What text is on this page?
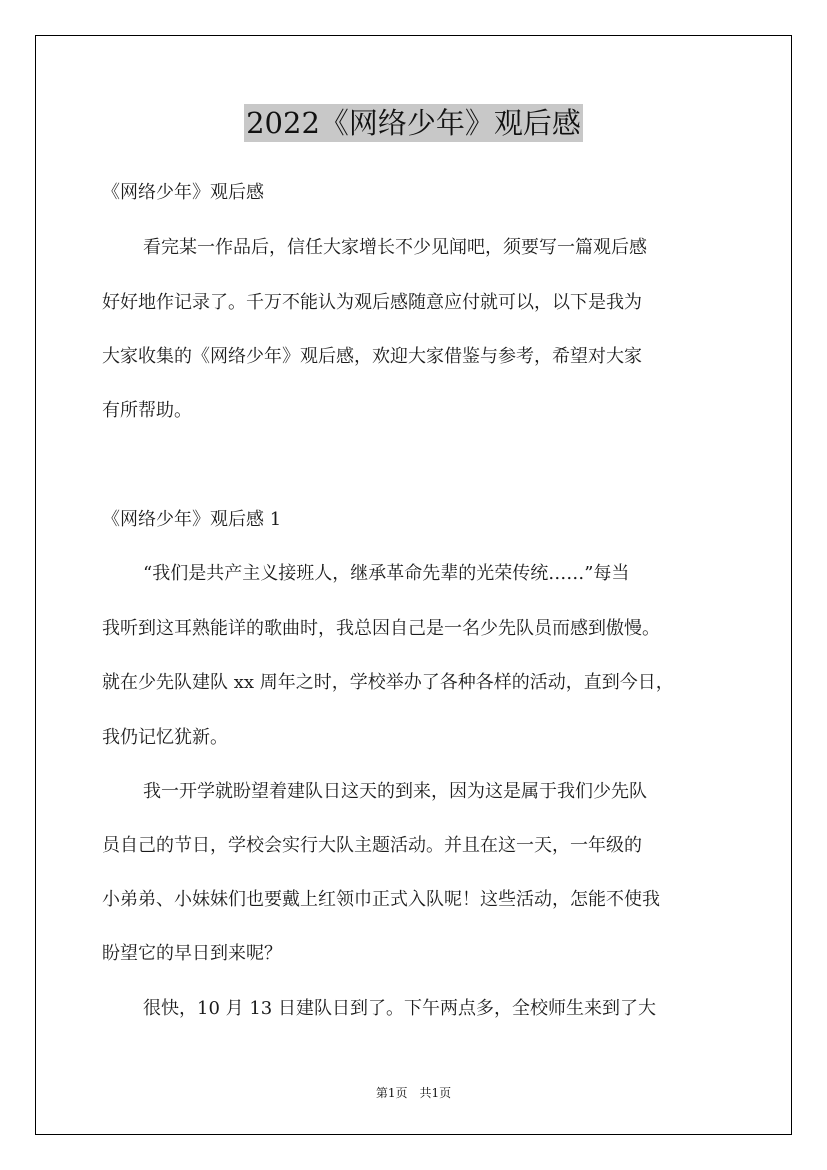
2022《网络少年》观后感
《网络少年》观后感
看完某一作品后，信任大家增长不少见闻吧，须要写一篇观后感
好好地作记录了。千万不能认为观后感随意应付就可以，以下是我为
大家收集的《网络少年》观后感，欢迎大家借鉴与参考，希望对大家
有所帮助。
《网络少年》观后感 1
“我们是共产主义接班人，继承革命先辈的光荣传统……”每当
我听到这耳熟能详的歌曲时，我总因自己是一名少先队员而感到傲慢。
就在少先队建队 xx 周年之时，学校举办了各种各样的活动，直到今日，
我仍记忆犹新。
我一开学就盼望着建队日这天的到来，因为这是属于我们少先队
员自己的节日，学校会实行大队主题活动。并且在这一天，一年级的
小弟弟、小妹妹们也要戴上红领巾正式入队呢！这些活动，怎能不使我
盼望它的早日到来呢？
很快，10 月 13 日建队日到了。下午两点多，全校师生来到了大
第1页　共1页
